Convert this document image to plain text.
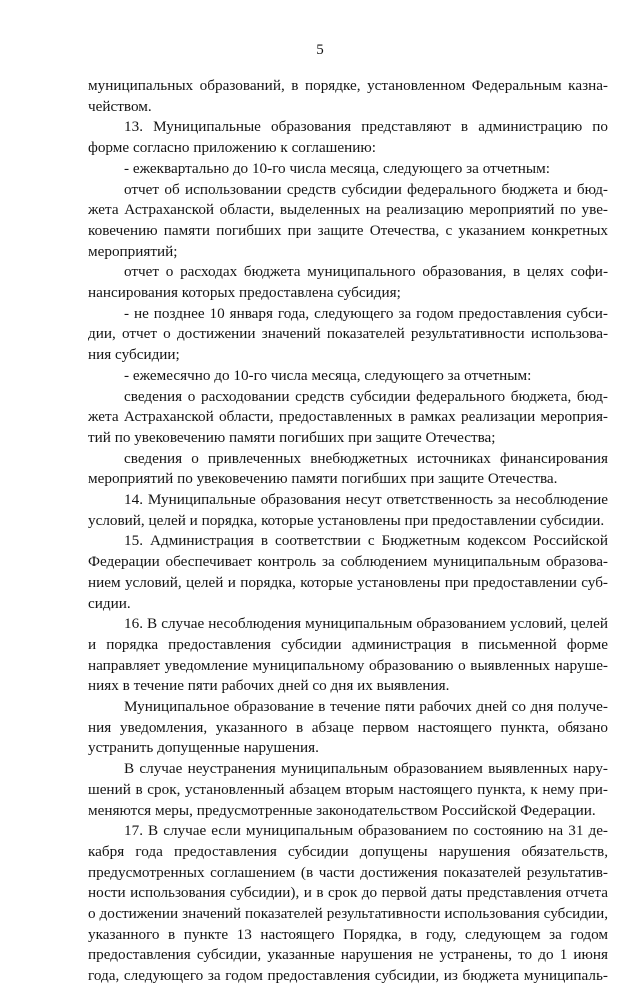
5
муниципальных образований, в порядке, установленном Федеральным казна-
чейством.
13. Муниципальные образования представляют в администрацию по
форме согласно приложению к соглашению:
- ежеквартально до 10-го числа месяца, следующего за отчетным:
отчет об использовании средств субсидии федерального бюджета и бюд-
жета Астраханской области, выделенных на реализацию мероприятий по уве-
ковечению памяти погибших при защите Отечества, с указанием конкретных
мероприятий;
отчет о расходах бюджета муниципального образования, в целях софи-
нансирования которых предоставлена субсидия;
- не позднее 10 января года, следующего за годом предоставления субси-
дии, отчет о достижении значений показателей результативности использова-
ния субсидии;
- ежемесячно до 10-го числа месяца, следующего за отчетным:
сведения о расходовании средств субсидии федерального бюджета, бюд-
жета Астраханской области, предоставленных в рамках реализации мероприя-
тий по увековечению памяти погибших при защите Отечества;
сведения о привлеченных внебюджетных источниках финансирования
мероприятий по увековечению памяти погибших при защите Отечества.
14. Муниципальные образования несут ответственность за несоблюдение
условий, целей и порядка, которые установлены при предоставлении субсидии.
15. Администрация в соответствии с Бюджетным кодексом Российской
Федерации обеспечивает контроль за соблюдением муниципальным образова-
нием условий, целей и порядка, которые установлены при предоставлении суб-
сидии.
16. В случае несоблюдения муниципальным образованием условий, целей
и порядка предоставления субсидии администрация в письменной форме
направляет уведомление муниципальному образованию о выявленных наруше-
ниях в течение пяти рабочих дней со дня их выявления.
Муниципальное образование в течение пяти рабочих дней со дня получе-
ния уведомления, указанного в абзаце первом настоящего пункта, обязано
устранить допущенные нарушения.
В случае неустранения муниципальным образованием выявленных нару-
шений в срок, установленный абзацем вторым настоящего пункта, к нему при-
меняются меры, предусмотренные законодательством Российской Федерации.
17. В случае если муниципальным образованием по состоянию на 31 де-
кабря года предоставления субсидии допущены нарушения обязательств,
предусмотренных соглашением (в части достижения показателей результатив-
ности использования субсидии), и в срок до первой даты представления отчета
о достижении значений показателей результативности использования субсидии,
указанного в пункте 13 настоящего Порядка, в году, следующем за годом
предоставления субсидии, указанные нарушения не устранены, то до 1 июня
года, следующего за годом предоставления субсидии, из бюджета муниципаль-
